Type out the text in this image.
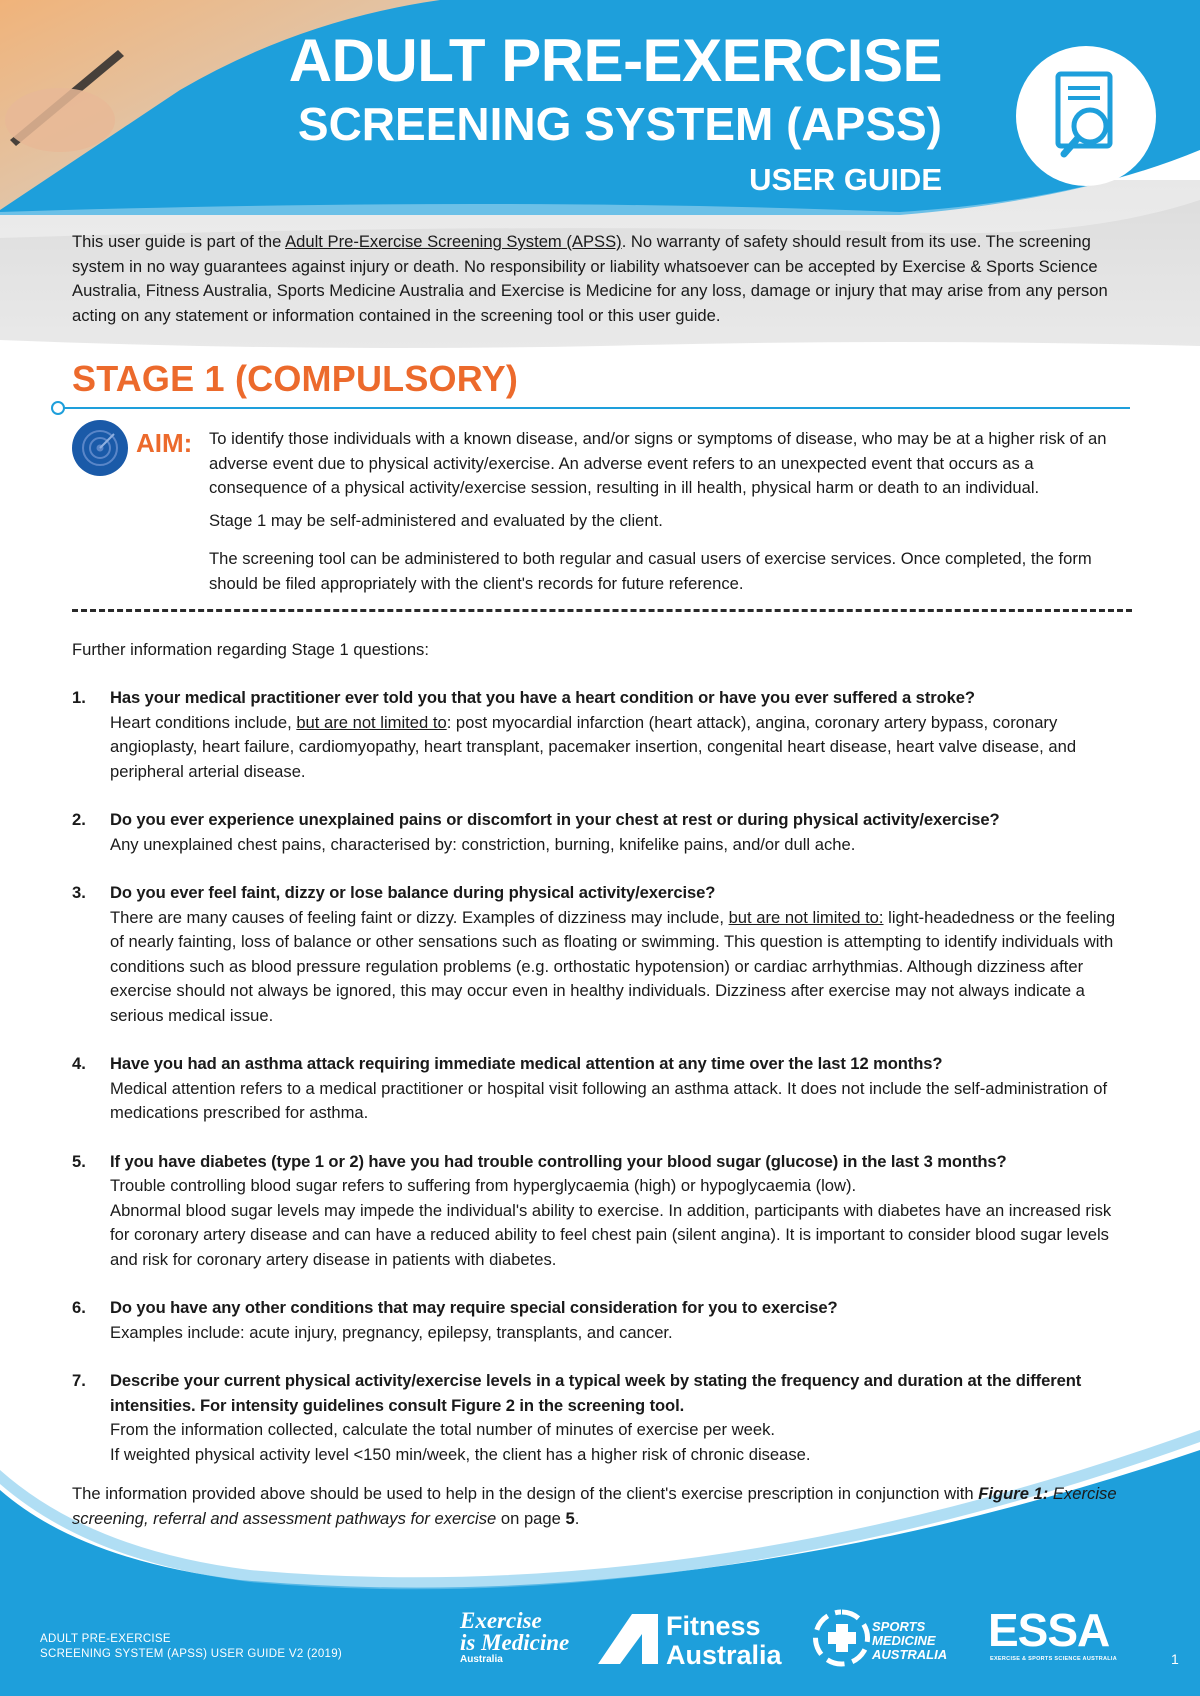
ADULT PRE-EXERCISE
SCREENING SYSTEM (APSS)
USER GUIDE
This user guide is part of the Adult Pre-Exercise Screening System (APSS). No warranty of safety should result from its use. The screening system in no way guarantees against injury or death. No responsibility or liability whatsoever can be accepted by Exercise & Sports Science Australia, Fitness Australia, Sports Medicine Australia and Exercise is Medicine for any loss, damage or injury that may arise from any person acting on any statement or information contained in the screening tool or this user guide.
STAGE 1 (COMPULSORY)
AIM: To identify those individuals with a known disease, and/or signs or symptoms of disease, who may be at a higher risk of an adverse event due to physical activity/exercise. An adverse event refers to an unexpected event that occurs as a consequence of a physical activity/exercise session, resulting in ill health, physical harm or death to an individual.

Stage 1 may be self-administered and evaluated by the client.

The screening tool can be administered to both regular and casual users of exercise services. Once completed, the form should be filed appropriately with the client's records for future reference.

Further information regarding Stage 1 questions:
1. Has your medical practitioner ever told you that you have a heart condition or have you ever suffered a stroke?
Heart conditions include, but are not limited to: post myocardial infarction (heart attack), angina, coronary artery bypass, coronary angioplasty, heart failure, cardiomyopathy, heart transplant, pacemaker insertion, congenital heart disease, heart valve disease, and peripheral arterial disease.
2. Do you ever experience unexplained pains or discomfort in your chest at rest or during physical activity/exercise?
Any unexplained chest pains, characterised by: constriction, burning, knifelike pains, and/or dull ache.
3. Do you ever feel faint, dizzy or lose balance during physical activity/exercise?
There are many causes of feeling faint or dizzy. Examples of dizziness may include, but are not limited to: light-headedness or the feeling of nearly fainting, loss of balance or other sensations such as floating or swimming. This question is attempting to identify individuals with conditions such as blood pressure regulation problems (e.g. orthostatic hypotension) or cardiac arrhythmias. Although dizziness after exercise should not always be ignored, this may occur even in healthy individuals. Dizziness after exercise may not always indicate a serious medical issue.
4. Have you had an asthma attack requiring immediate medical attention at any time over the last 12 months?
Medical attention refers to a medical practitioner or hospital visit following an asthma attack. It does not include the self-administration of medications prescribed for asthma.
5. If you have diabetes (type 1 or 2) have you had trouble controlling your blood sugar (glucose) in the last 3 months?
Trouble controlling blood sugar refers to suffering from hyperglycaemia (high) or hypoglycaemia (low).
Abnormal blood sugar levels may impede the individual's ability to exercise. In addition, participants with diabetes have an increased risk for coronary artery disease and can have a reduced ability to feel chest pain (silent angina). It is important to consider blood sugar levels and risk for coronary artery disease in patients with diabetes.
6. Do you have any other conditions that may require special consideration for you to exercise?
Examples include: acute injury, pregnancy, epilepsy, transplants, and cancer.
7. Describe your current physical activity/exercise levels in a typical week by stating the frequency and duration at the different intensities. For intensity guidelines consult Figure 2 in the screening tool.
From the information collected, calculate the total number of minutes of exercise per week.
If weighted physical activity level <150 min/week, the client has a higher risk of chronic disease.
The information provided above should be used to help in the design of the client's exercise prescription in conjunction with Figure 1: Exercise screening, referral and assessment pathways for exercise on page 5.
ADULT PRE-EXERCISE
SCREENING SYSTEM (APSS) USER GUIDE V2 (2019)	1
Exercise
is Medicine
Australia
Fitness
Australia
SPORTS
MEDICINE
AUSTRALIA ESSA
EXERCISE & SPORTS SCIENCE AUSTRALIA
